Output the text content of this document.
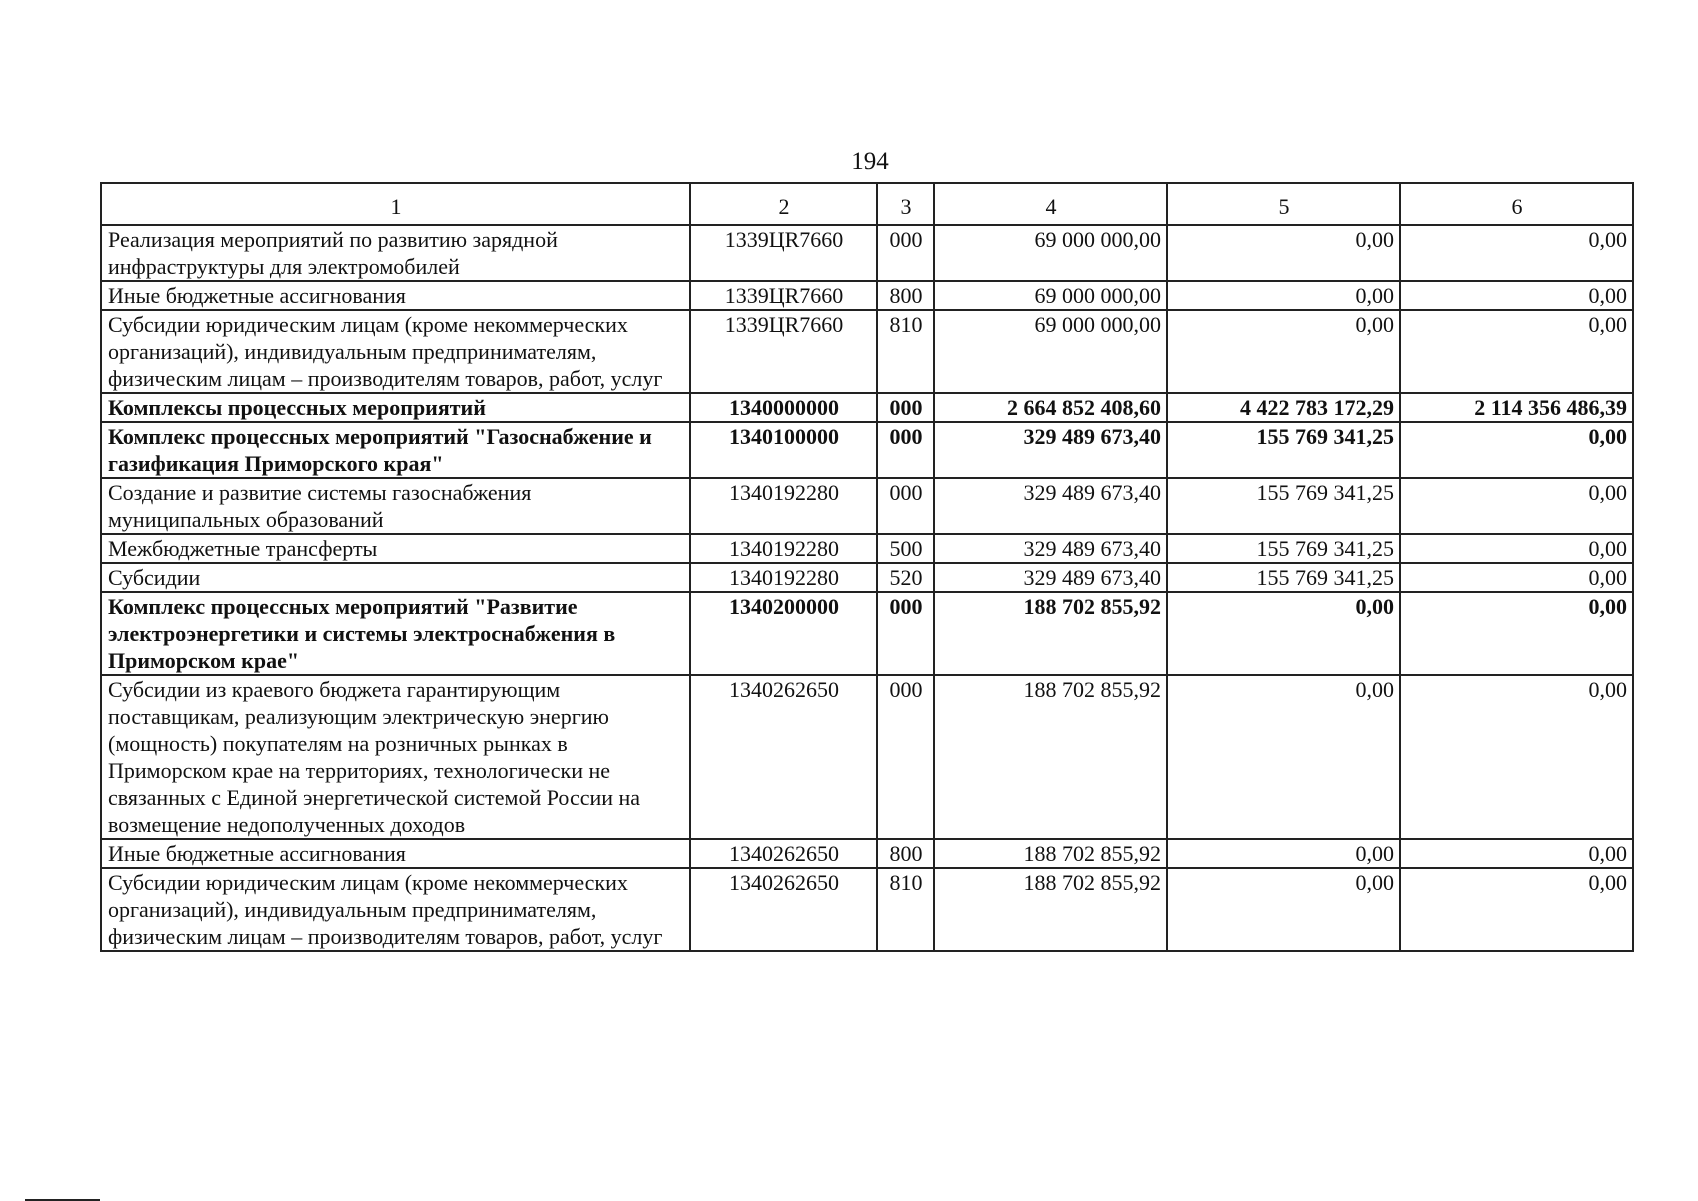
194
1	2	3	4	5	6
Реализация мероприятий по развитию зарядной инфраструктуры для электромобилей	1339ЦR7660	000	69 000 000,00	0,00	0,00
Иные бюджетные ассигнования	1339ЦR7660	800	69 000 000,00	0,00	0,00
Субсидии юридическим лицам (кроме некоммерческих организаций), индивидуальным предпринимателям, физическим лицам – производителям товаров, работ, услуг	1339ЦR7660	810	69 000 000,00	0,00	0,00
Комплексы процессных мероприятий	1340000000	000	2 664 852 408,60	4 422 783 172,29	2 114 356 486,39
Комплекс процессных мероприятий "Газоснабжение и газификация Приморского края"	1340100000	000	329 489 673,40	155 769 341,25	0,00
Создание и развитие системы газоснабжения муниципальных образований	1340192280	000	329 489 673,40	155 769 341,25	0,00
Межбюджетные трансферты	1340192280	500	329 489 673,40	155 769 341,25	0,00
Субсидии	1340192280	520	329 489 673,40	155 769 341,25	0,00
Комплекс процессных мероприятий "Развитие электроэнергетики и системы электроснабжения в Приморском крае"	1340200000	000	188 702 855,92	0,00	0,00
Субсидии из краевого бюджета гарантирующим поставщикам, реализующим электрическую энергию (мощность) покупателям на розничных рынках в Приморском крае на территориях, технологически не связанных с Единой энергетической системой России на возмещение недополученных доходов	1340262650	000	188 702 855,92	0,00	0,00
Иные бюджетные ассигнования	1340262650	800	188 702 855,92	0,00	0,00
Субсидии юридическим лицам (кроме некоммерческих организаций), индивидуальным предпринимателям, физическим лицам – производителям товаров, работ, услуг	1340262650	810	188 702 855,92	0,00	0,00
